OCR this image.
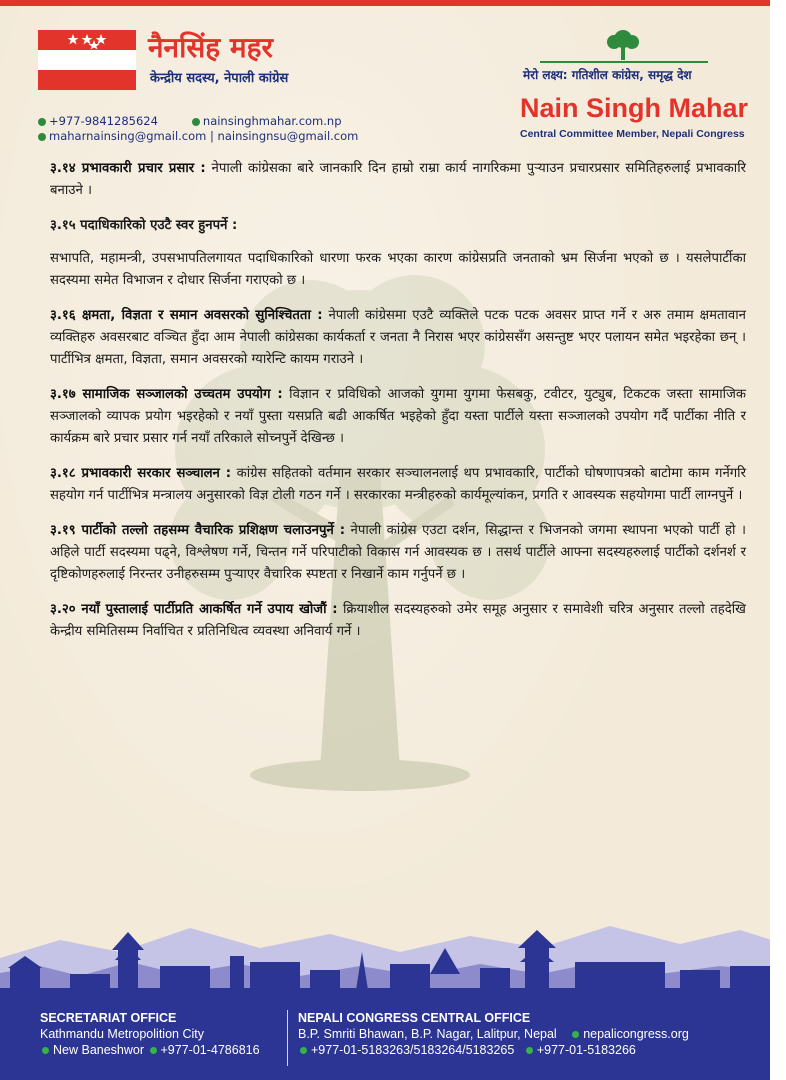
नैनसिंह महर
केन्द्रीय सदस्य, नेपाली कांग्रेस
+977-9841285624	nainsinghmahar.com.np
maharnainsing@gmail.com | nainsingnsu@gmail.com
मेरो लक्ष्य: गतिशील कांग्रेस, समृद्ध देश
Nain Singh Mahar
Central Committee Member, Nepali Congress

३.१४ प्रभावकारी प्रचार प्रसार : नेपाली कांग्रेसका बारे जानकारि दिन हाम्रो राम्रा कार्य नागरिकमा पुऱ्याउन प्रचारप्रसार समितिहरुलाई प्रभावकारि बनाउने ।

३.१५ पदाधिकारिको एउटै स्वर हुनपर्ने :

सभापति, महामन्त्री, उपसभापतिलगायत पदाधिकारिको धारणा फरक भएका कारण कांग्रेसप्रति जनताको भ्रम सिर्जना भएको छ । यसलेपार्टीका सदस्यमा समेत विभाजन र दोधार सिर्जना गराएको छ ।

३.१६ क्षमता, विज्ञता र समान अवसरको सुनिश्चितता : नेपाली कांग्रेसमा एउटै व्यक्तिले पटक पटक अवसर प्राप्त गर्ने र अरु तमाम क्षमतावान व्यक्तिहरु अवसरबाट वञ्चित हुँदा आम नेपाली कांग्रेसका कार्यकर्ता र जनता नै निरास भएर कांग्रेससँग असन्तुष्ट भएर पलायन समेत भइरहेका छन् । पार्टीभित्र क्षमता, विज्ञता, समान अवसरको ग्यारेन्टि कायम गराउने ।

३.१७ सामाजिक सञ्जालको उच्चतम उपयोग : विज्ञान र प्रविधिको आजको युगमा युगमा फेसबकु, टवीटर, युट्युब, टिकटक जस्ता सामाजिक सञ्जालको व्यापक प्रयोग भइरहेको र नयाँ पुस्ता यसप्रति बढी आकर्षित भइहेको हुँदा यस्ता पार्टीले यस्ता सञ्जालको उपयोग गर्दै पार्टीका नीति र कार्यक्रम बारे प्रचार प्रसार गर्न नयाँ तरिकाले सोच्नपुर्ने देखिन्छ ।

३.१८ प्रभावकारी सरकार सञ्चालन : कांग्रेस सहितको वर्तमान सरकार सञ्चालनलाई थप प्रभावकारि, पार्टीको घोषणापत्रको बाटोमा काम गर्नेगरि सहयोग गर्न पार्टीभित्र मन्त्रालय अनुसारको विज्ञ टोली गठन गर्ने । सरकारका मन्त्रीहरुको कार्यमूल्यांकन, प्रगति र आवस्यक सहयोगमा पार्टी लाग्नपुर्ने ।

३.१९ पार्टीको तल्लो तहसम्म वैचारिक प्रशिक्षण चलाउनपुर्ने : नेपाली कांग्रेस एउटा दर्शन, सिद्धान्त र भिजनको जगमा स्थापना भएको पार्टी हो । अहिले पार्टी सदस्यमा पढ्ने, विश्लेषण गर्ने, चिन्तन गर्ने परिपाटीको विकास गर्न आवस्यक छ । तसर्थ पार्टीले आफ्ना सदस्यहरुलाई पार्टीको दर्शनर्श र दृष्टिकोणहरुलाई निरन्तर उनीहरुसम्म पुऱ्याएर वैचारिक स्पष्टता र निखार्ने काम गर्नुपर्ने छ ।

३.२० नयाँ पुस्तालाई पार्टीप्रति आकर्षित गर्ने उपाय खोजौं : क्रियाशील सदस्यहरुको उमेर समूह अनुसार र समावेशी चरित्र अनुसार तल्लो तहदेखि केन्द्रीय समितिसम्म निर्वाचित र प्रतिनिधित्व व्यवस्था अनिवार्य गर्ने ।

SECRETARIAT OFFICE
Kathmandu Metropolition City
New Baneshwor +977-01-4786816
NEPALI CONGRESS CENTRAL OFFICE
B.P. Smriti Bhawan, B.P. Nagar, Lalitpur, Nepal nepalicongress.org
+977-01-5183263/5183264/5183265 +977-01-5183266
